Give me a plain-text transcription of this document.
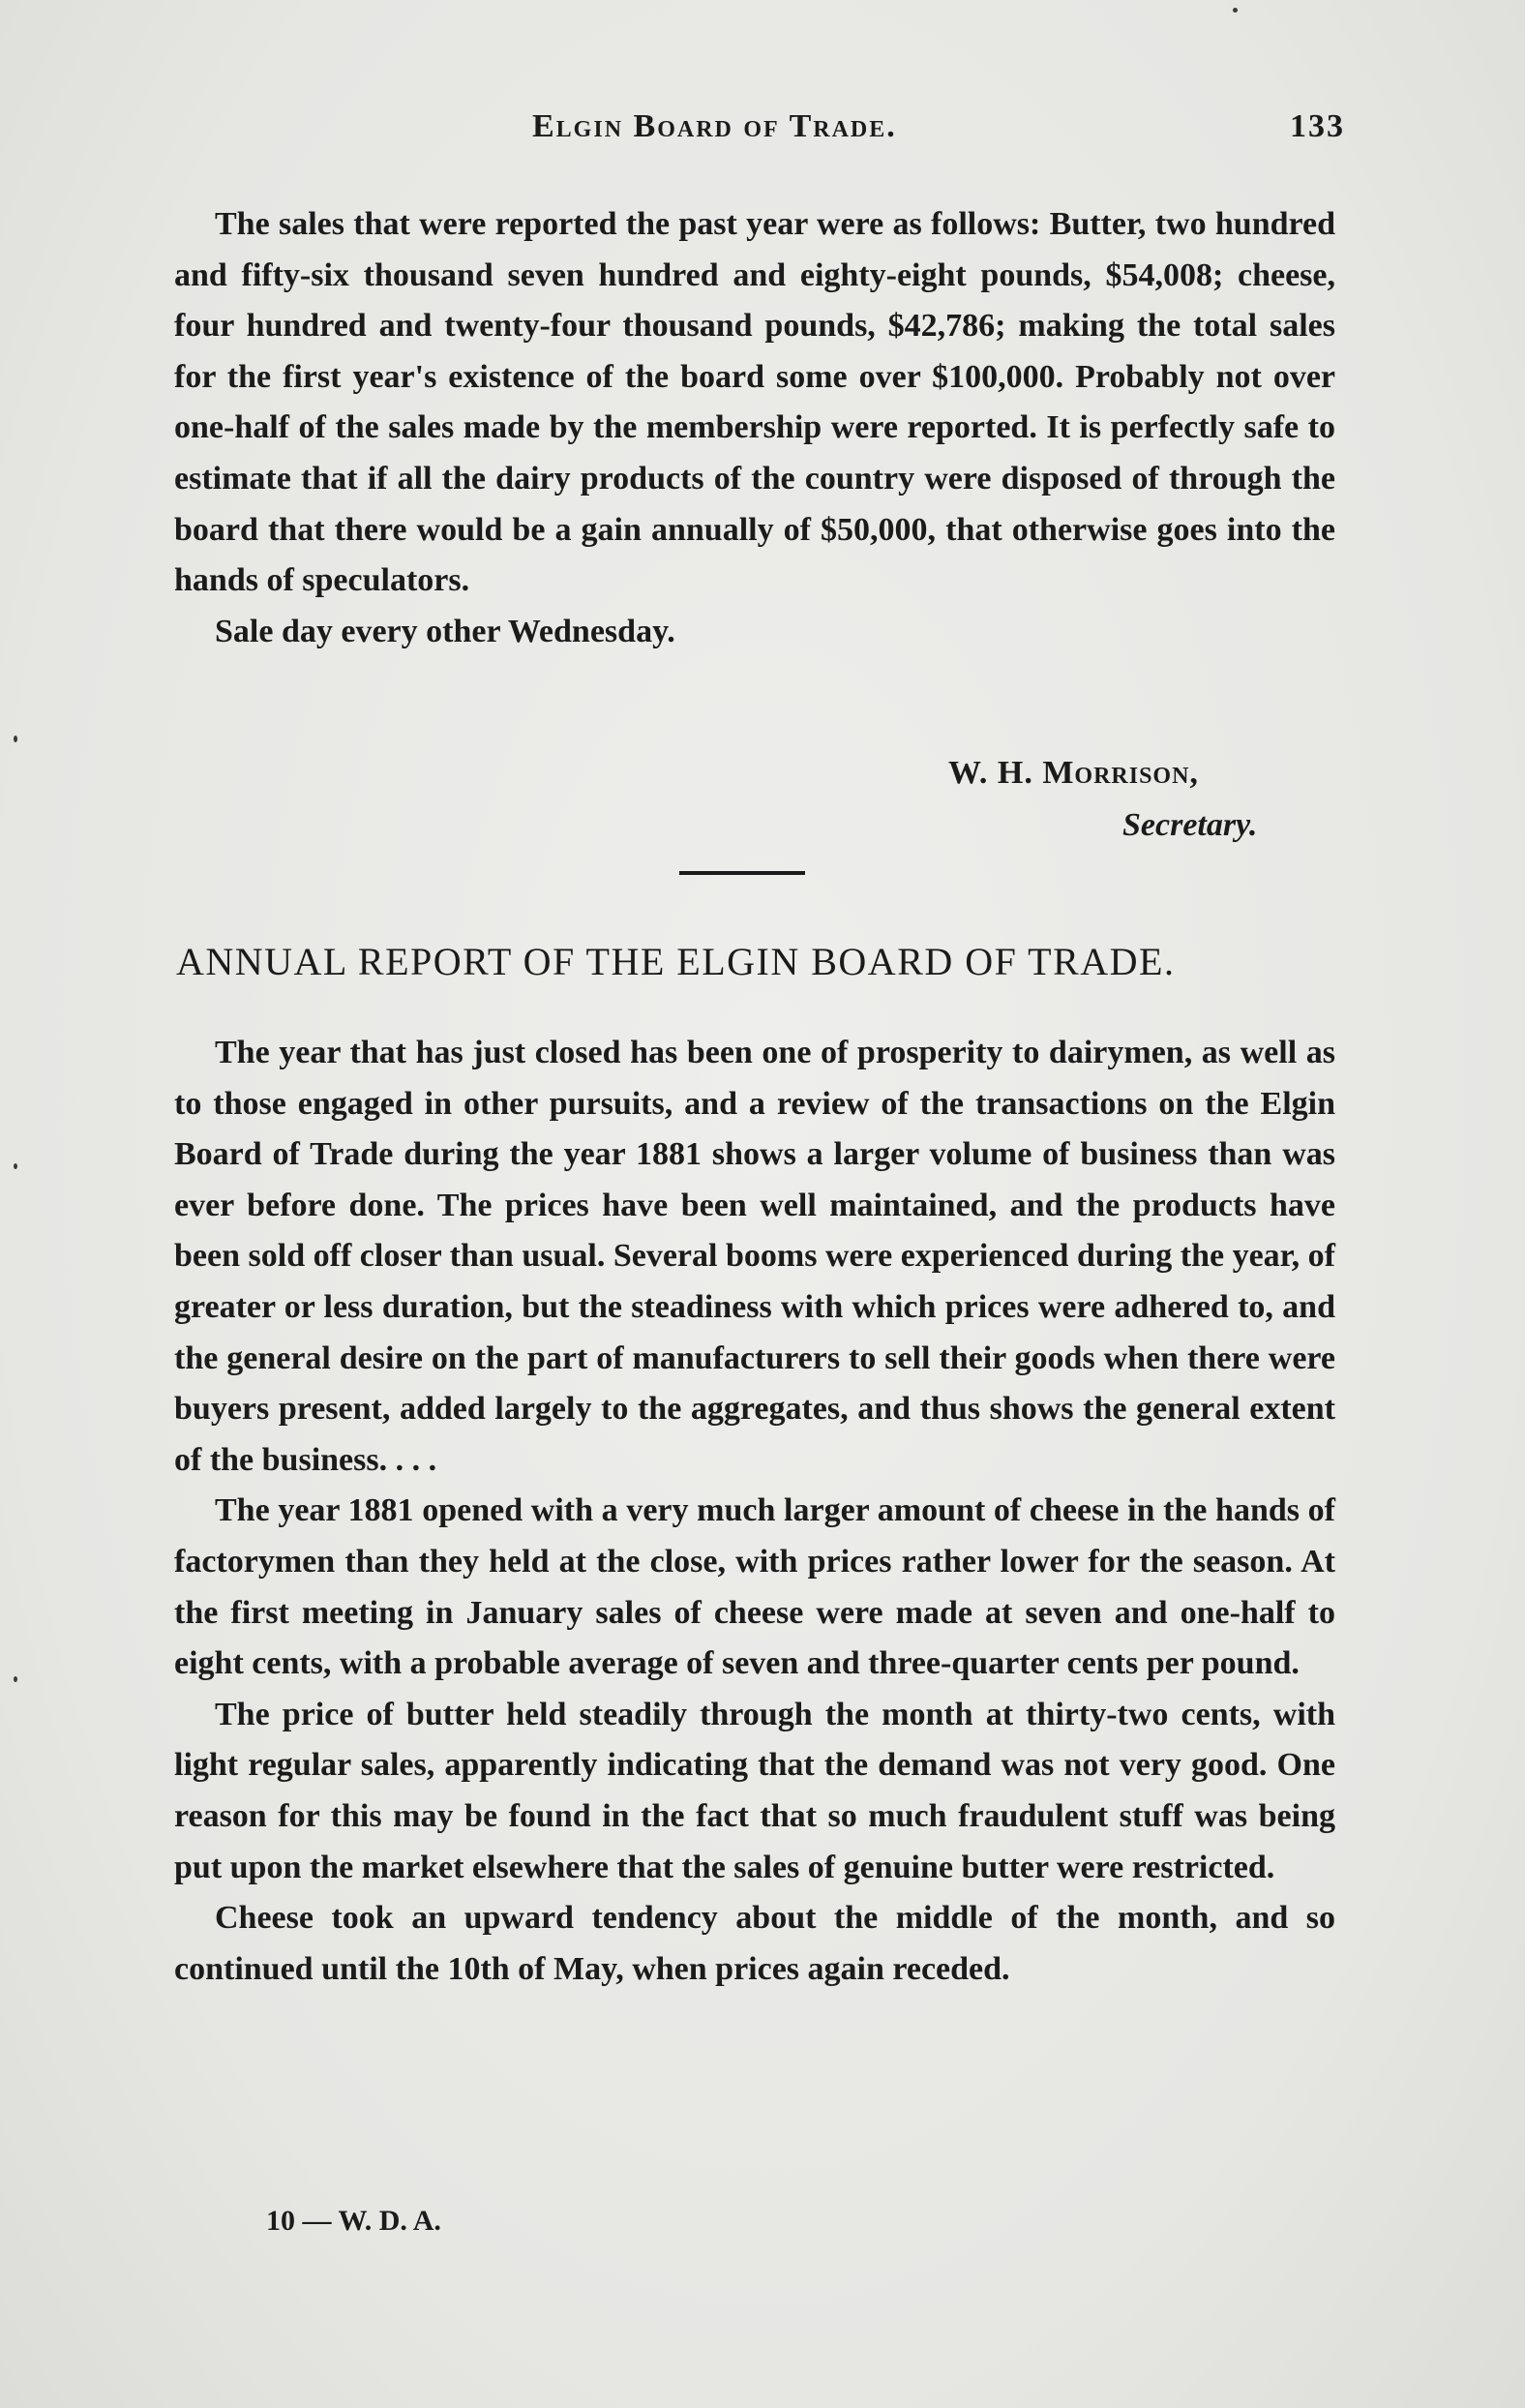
Elgin Board of Trade.	133

The sales that were reported the past year were as follows: Butter, two hundred and fifty-six thousand seven hundred and eighty-eight pounds, $54,008; cheese, four hundred and twenty-four thousand pounds, $42,786; making the total sales for the first year's existence of the board some over $100,000. Probably not over one-half of the sales made by the membership were reported. It is perfectly safe to estimate that if all the dairy products of the country were disposed of through the board that there would be a gain annually of $50,000, that otherwise goes into the hands of speculators.

Sale day every other Wednesday.

W. H. Morrison,
Secretary.
ANNUAL REPORT OF THE ELGIN BOARD OF TRADE.

The year that has just closed has been one of prosperity to dairymen, as well as to those engaged in other pursuits, and a review of the transactions on the Elgin Board of Trade during the year 1881 shows a larger volume of business than was ever before done. The prices have been well maintained, and the products have been sold off closer than usual. Several booms were experienced during the year, of greater or less duration, but the steadiness with which prices were adhered to, and the general desire on the part of manufacturers to sell their goods when there were buyers present, added largely to the aggregates, and thus shows the general extent of the business. . . .

The year 1881 opened with a very much larger amount of cheese in the hands of factorymen than they held at the close, with prices rather lower for the season. At the first meeting in January sales of cheese were made at seven and one-half to eight cents, with a probable average of seven and three-quarter cents per pound.

The price of butter held steadily through the month at thirty-two cents, with light regular sales, apparently indicating that the demand was not very good. One reason for this may be found in the fact that so much fraudulent stuff was being put upon the market elsewhere that the sales of genuine butter were restricted.

Cheese took an upward tendency about the middle of the month, and so continued until the 10th of May, when prices again receded.

10 — W. D. A.
